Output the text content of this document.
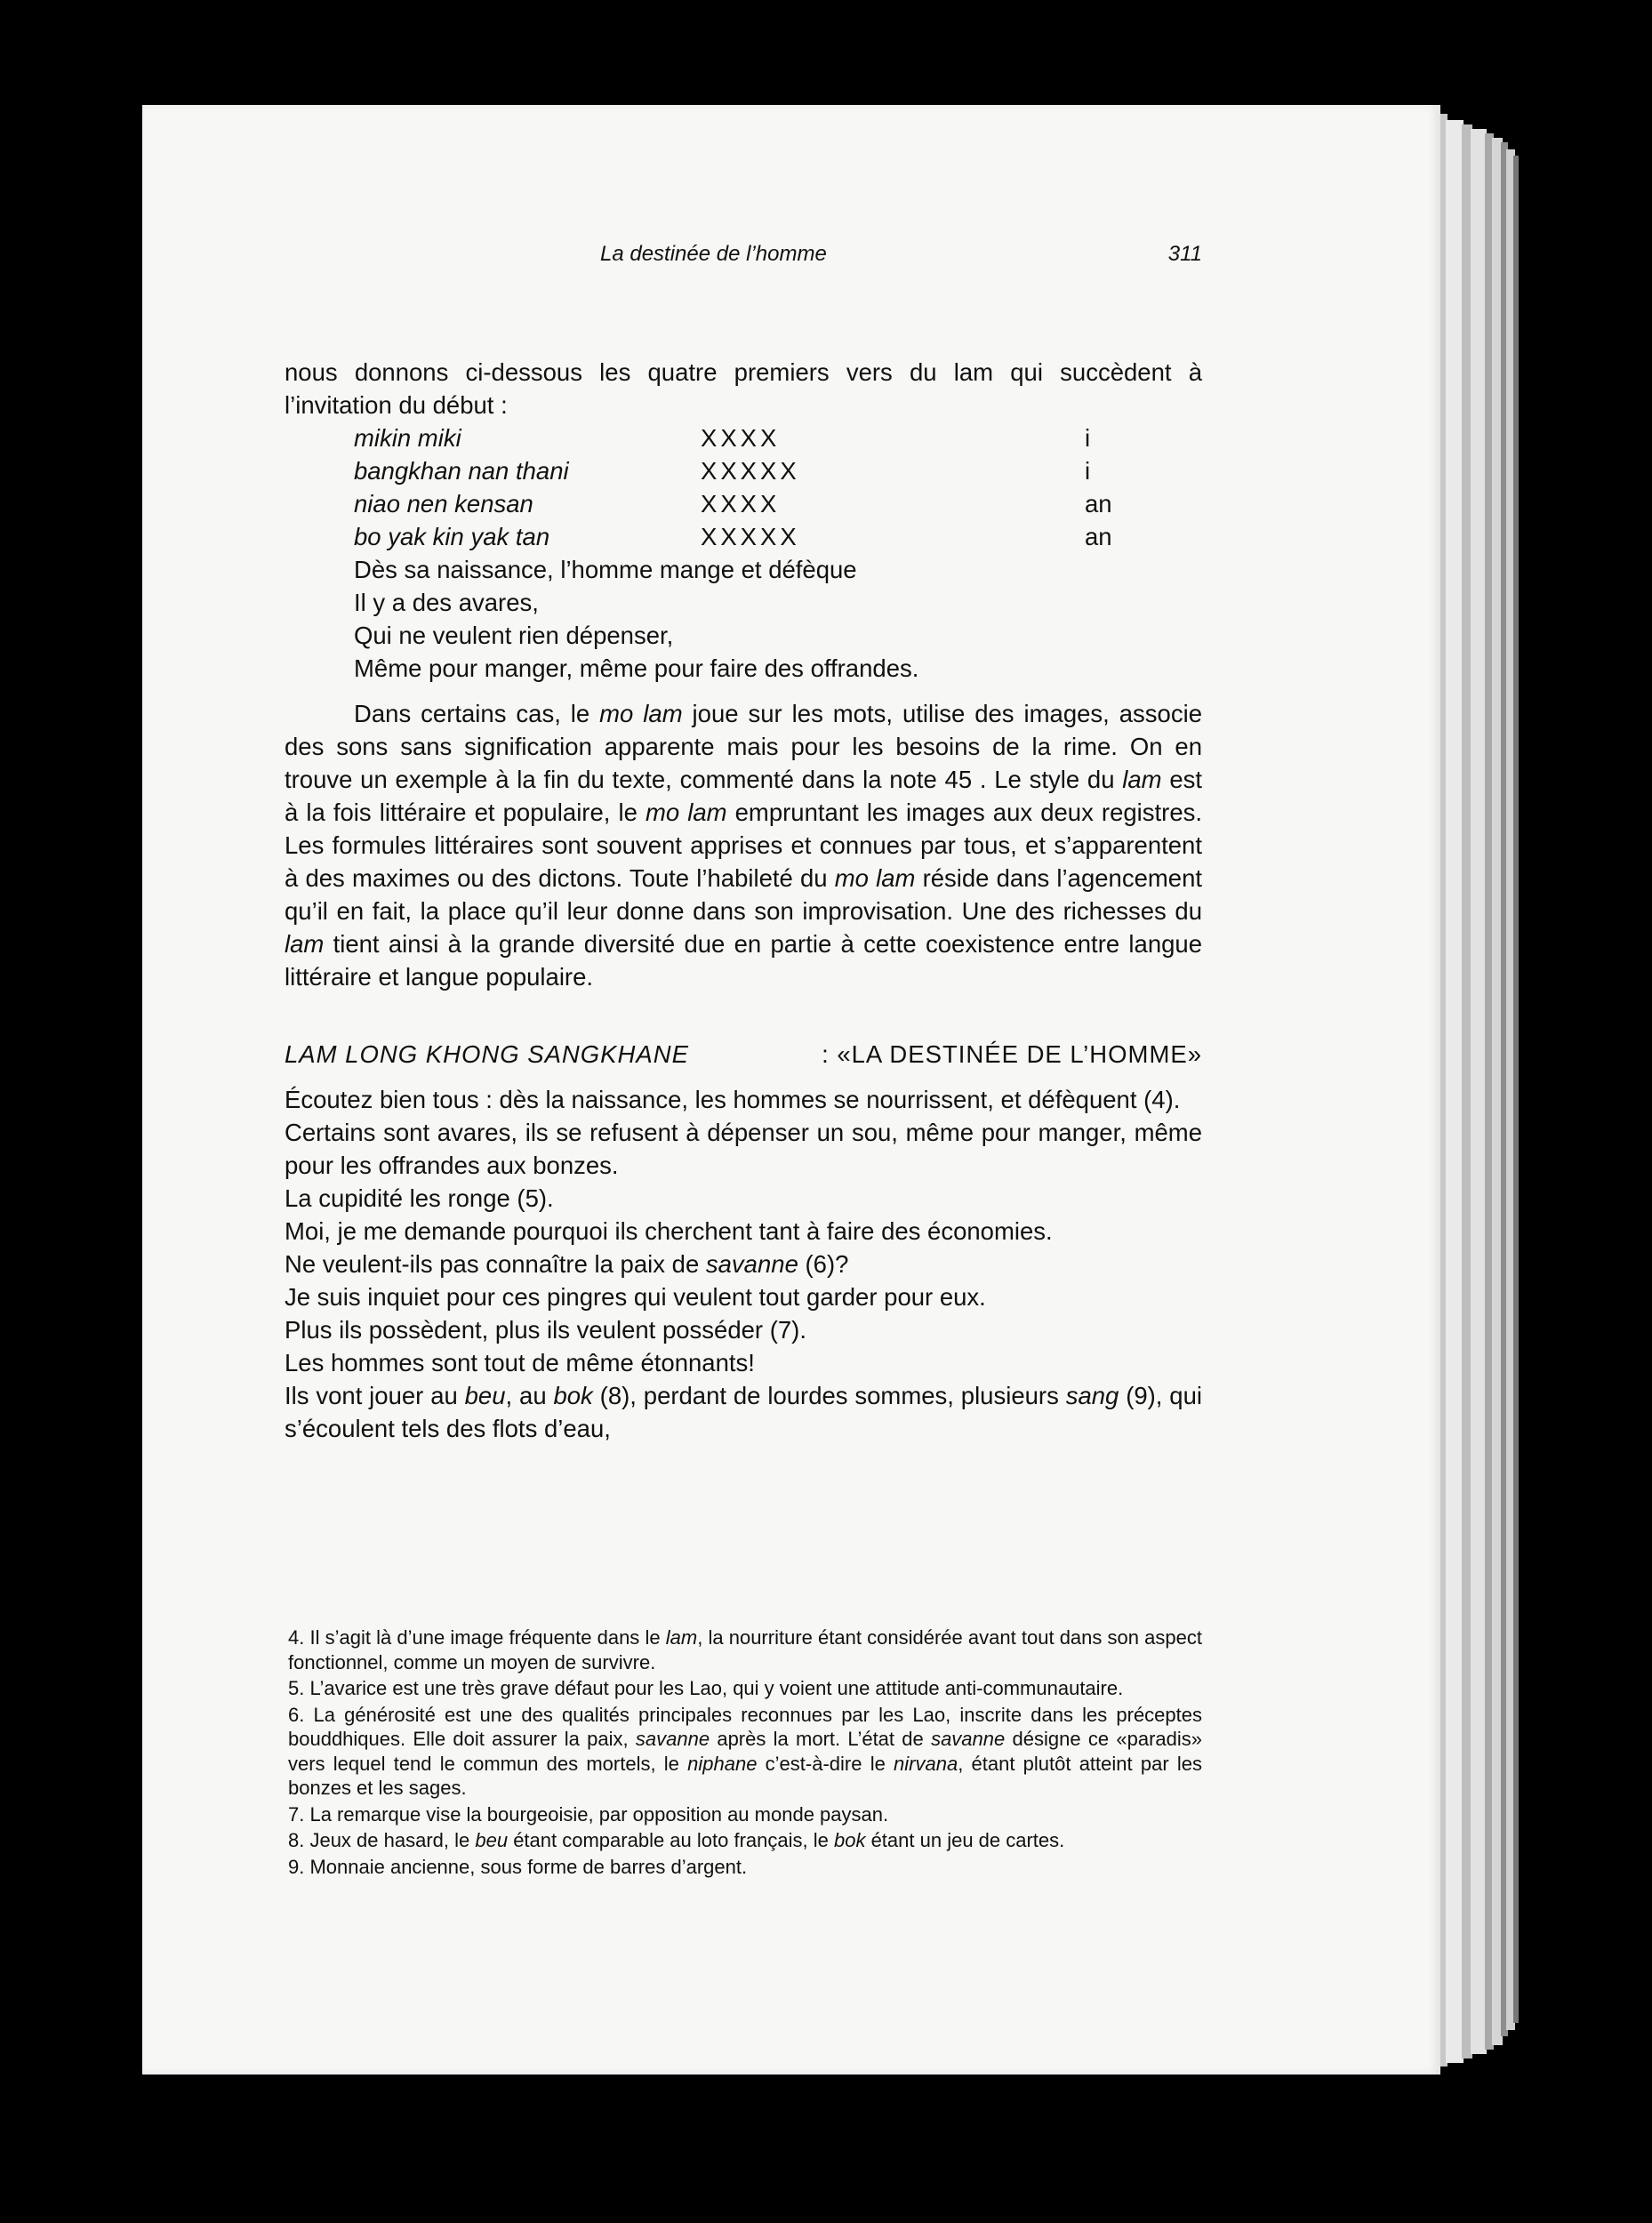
La destinée de l’homme	311

nous donnons ci-dessous les quatre premiers vers du lam qui succèdent à l’invitation du début :

mikin miki	XXXX	i
bangkhan nan thani	XXXXX	i
niao nen kensan	XXXX	an
bo yak kin yak tan	XXXXX	an
Dès sa naissance, l’homme mange et défèque
Il y a des avares,
Qui ne veulent rien dépenser,
Même pour manger, même pour faire des offrandes.

Dans certains cas, le mo lam joue sur les mots, utilise des images, associe des sons sans signification apparente mais pour les besoins de la rime. On en trouve un exemple à la fin du texte, commenté dans la note 45 . Le style du lam est à la fois littéraire et populaire, le mo lam empruntant les images aux deux registres. Les formules littéraires sont souvent apprises et connues par tous, et s’apparentent à des maximes ou des dictons. Toute l’habileté du mo lam réside dans l’agencement qu’il en fait, la place qu’il leur donne dans son improvisation. Une des richesses du lam tient ainsi à la grande diversité due en partie à cette coexistence entre langue littéraire et langue populaire.

LAM LONG KHONG SANGKHANE	: «LA DESTINÉE DE L’HOMME»

Écoutez bien tous : dès la naissance, les hommes se nourrissent, et défèquent (4).

Certains sont avares, ils se refusent à dépenser un sou, même pour manger, même pour les offrandes aux bonzes.

La cupidité les ronge (5).

Moi, je me demande pourquoi ils cherchent tant à faire des économies.

Ne veulent-ils pas connaître la paix de savanne (6)?

Je suis inquiet pour ces pingres qui veulent tout garder pour eux.

Plus ils possèdent, plus ils veulent posséder (7).

Les hommes sont tout de même étonnants!

Ils vont jouer au beu, au bok (8), perdant de lourdes sommes, plusieurs sang (9), qui s’écoulent tels des flots d’eau,

4. Il s’agit là d’une image fréquente dans le lam, la nourriture étant considérée avant tout dans son aspect fonctionnel, comme un moyen de survivre.

5. L’avarice est une très grave défaut pour les Lao, qui y voient une attitude anti-communautaire.

6. La générosité est une des qualités principales reconnues par les Lao, inscrite dans les préceptes bouddhiques. Elle doit assurer la paix, savanne après la mort. L’état de savanne désigne ce «paradis» vers lequel tend le commun des mortels, le niphane c’est-à-dire le nirvana, étant plutôt atteint par les bonzes et les sages.

7. La remarque vise la bourgeoisie, par opposition au monde paysan.

8. Jeux de hasard, le beu étant comparable au loto français, le bok étant un jeu de cartes.

9. Monnaie ancienne, sous forme de barres d’argent.
